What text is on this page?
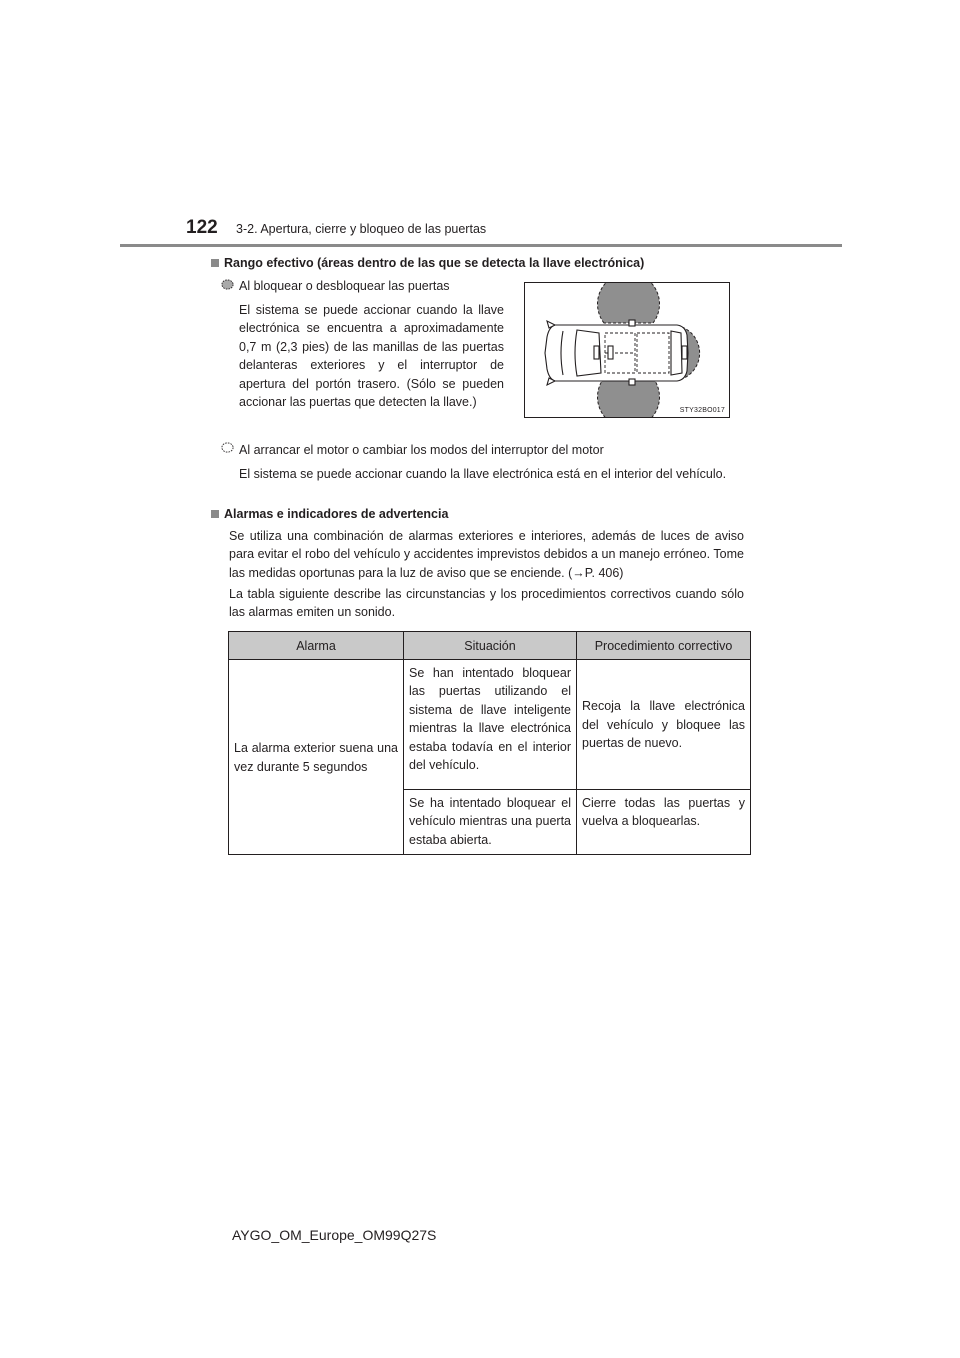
122 3-2. Apertura, cierre y bloqueo de las puertas
Rango efectivo (áreas dentro de las que se detecta la llave electrónica)
Al bloquear o desbloquear las puertas
El sistema se puede accionar cuando la llave electrónica se encuentra a aproximadamente 0,7 m (2,3 pies) de las manillas de las puertas delanteras exteriores y el interruptor de apertura del portón trasero. (Sólo se pueden accionar las puertas que detecten la llave.)
STY32BO017
Al arrancar el motor o cambiar los modos del interruptor del motor
El sistema se puede accionar cuando la llave electrónica está en el interior del vehículo.
Alarmas e indicadores de advertencia
Se utiliza una combinación de alarmas exteriores e interiores, además de luces de aviso para evitar el robo del vehículo y accidentes imprevistos debidos a un manejo erróneo. Tome las medidas oportunas para la luz de aviso que se enciende. (→P. 406)
La tabla siguiente describe las circunstancias y los procedimientos correctivos cuando sólo las alarmas emiten un sonido.
Alarma	Situación	Procedimiento correctivo
La alarma exterior suena una vez durante 5 segundos	Se han intentado bloquear las puertas utilizando el sistema de llave inteligente mientras la llave electrónica estaba todavía en el interior del vehículo.	Recoja la llave electrónica del vehículo y bloquee las puertas de nuevo.
	Se ha intentado bloquear el vehículo mientras una puerta estaba abierta.	Cierre todas las puertas y vuelva a bloquearlas.
AYGO_OM_Europe_OM99Q27S
